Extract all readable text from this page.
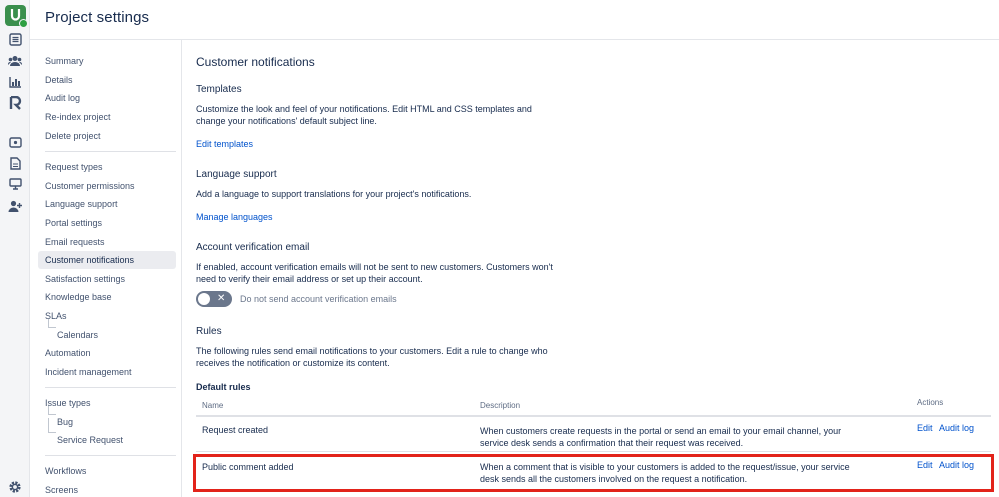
Project settings
Summary
Details
Audit log
Re-index project
Delete project
Request types
Customer permissions
Language support
Portal settings
Email requests
Customer notifications
Satisfaction settings
Knowledge base
SLAs
Calendars
Automation
Incident management
Issue types
Bug
Service Request
Workflows
Screens
Customer notifications
Templates
Customize the look and feel of your notifications. Edit HTML and CSS templates and
change your notifications' default subject line.
Edit templates
Language support
Add a language to support translations for your project's notifications.
Manage languages
Account verification email
If enabled, account verification emails will not be sent to new customers. Customers won't
need to verify their email address or set up their account.
✕ Do not send account verification emails
Rules
The following rules send email notifications to your customers. Edit a rule to change who
receives the notification or customize its content.
Default rules
Name	Description	Actions
Request created	When customers create requests in the portal or send an email to your email channel, your
service desk sends a confirmation that their request was received.
Edit Audit log
Public comment added	When a comment that is visible to your customers is added to the request/issue, your service
desk sends all the customers involved on the request a notification.
Edit Audit log
